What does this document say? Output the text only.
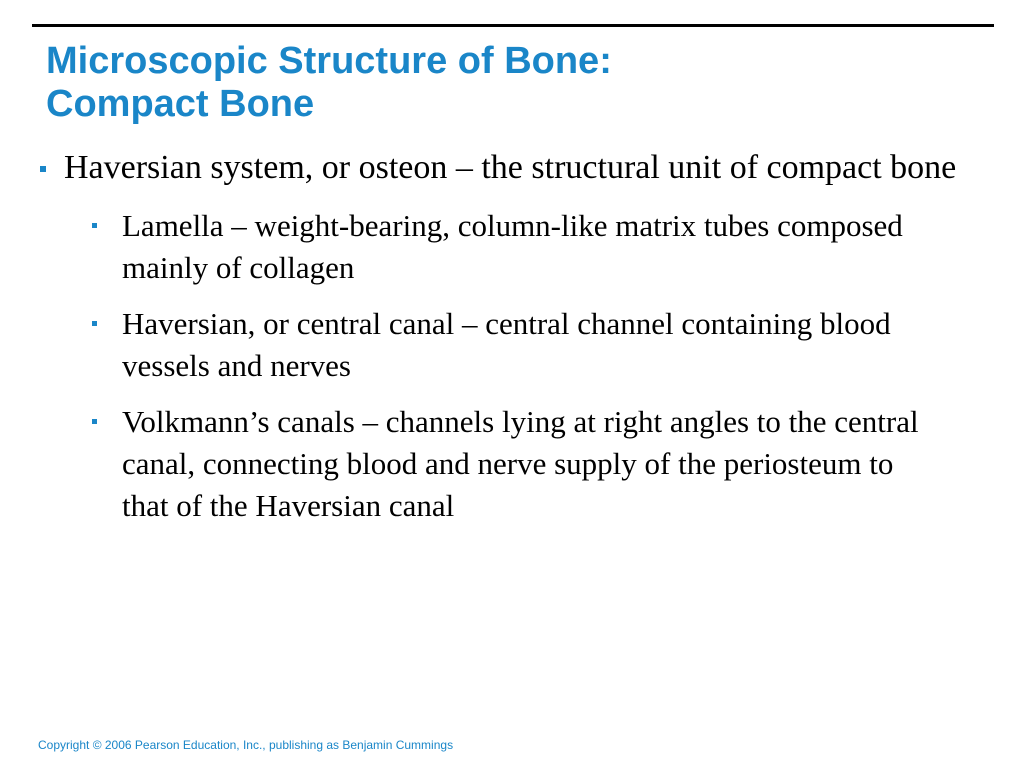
Microscopic Structure of Bone:
Compact Bone
Haversian system, or osteon – the structural unit of compact bone
Lamella – weight-bearing, column-like matrix tubes composed mainly of collagen
Haversian, or central canal – central channel containing blood vessels and nerves
Volkmann’s canals – channels lying at right angles to the central canal, connecting blood and nerve supply of the periosteum to that of the Haversian canal
Copyright © 2006 Pearson Education, Inc., publishing as Benjamin Cummings
